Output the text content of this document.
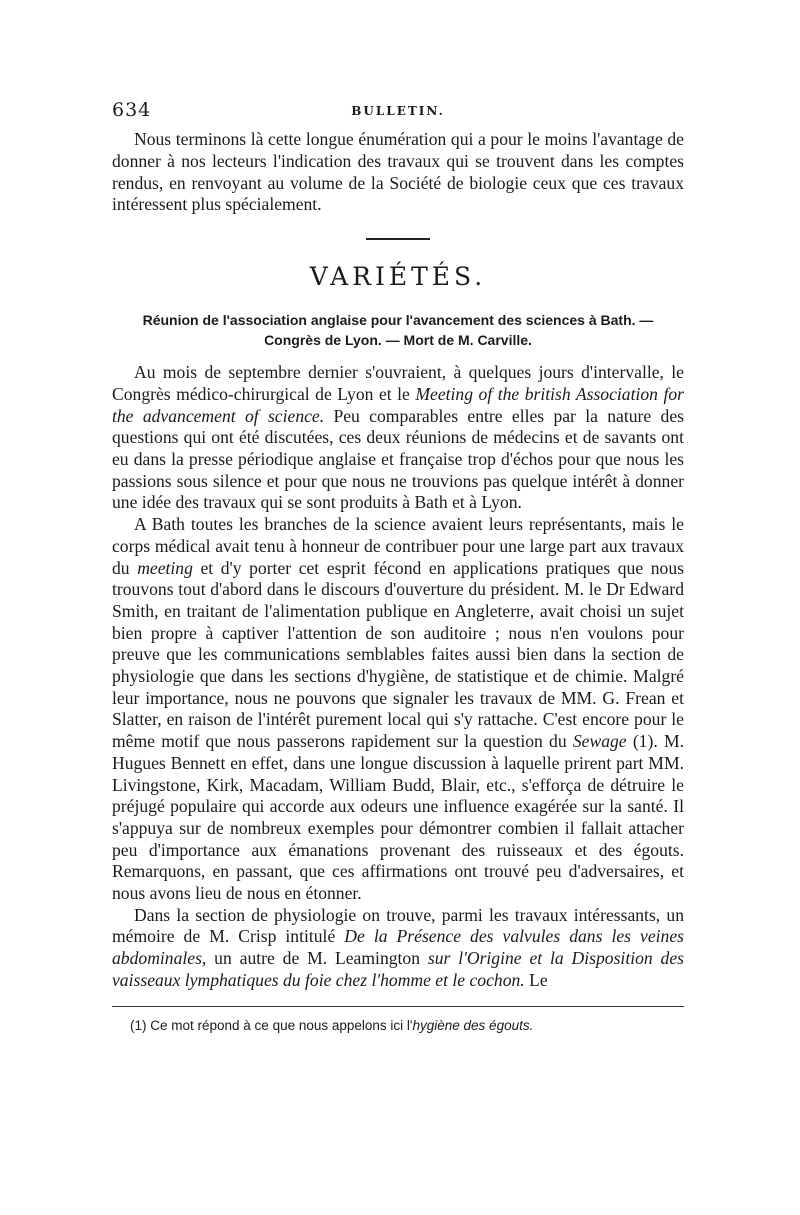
634	BULLETIN.

Nous terminons là cette longue énumération qui a pour le moins l'avantage de donner à nos lecteurs l'indication des travaux qui se trouvent dans les comptes rendus, en renvoyant au volume de la Société de biologie ceux que ces travaux intéressent plus spécialement.

VARIÉTÉS.
Réunion de l'association anglaise pour l'avancement des sciences à Bath. —
Congrès de Lyon. — Mort de M. Carville.

Au mois de septembre dernier s'ouvraient, à quelques jours d'intervalle, le Congrès médico-chirurgical de Lyon et le Meeting of the british Association for the advancement of science. Peu comparables entre elles par la nature des questions qui ont été discutées, ces deux réunions de médecins et de savants ont eu dans la presse périodique anglaise et française trop d'échos pour que nous les passions sous silence et pour que nous ne trouvions pas quelque intérêt à donner une idée des travaux qui se sont produits à Bath et à Lyon.

A Bath toutes les branches de la science avaient leurs représentants, mais le corps médical avait tenu à honneur de contribuer pour une large part aux travaux du meeting et d'y porter cet esprit fécond en applications pratiques que nous trouvons tout d'abord dans le discours d'ouverture du président. M. le Dr Edward Smith, en traitant de l'alimentation publique en Angleterre, avait choisi un sujet bien propre à captiver l'attention de son auditoire ; nous n'en voulons pour preuve que les communications semblables faites aussi bien dans la section de physiologie que dans les sections d'hygiène, de statistique et de chimie. Malgré leur importance, nous ne pouvons que signaler les travaux de MM. G. Frean et Slatter, en raison de l'intérêt purement local qui s'y rattache. C'est encore pour le même motif que nous passerons rapidement sur la question du Sewage (1). M. Hugues Bennett en effet, dans une longue discussion à laquelle prirent part MM. Livingstone, Kirk, Macadam, William Budd, Blair, etc., s'efforça de détruire le préjugé populaire qui accorde aux odeurs une influence exagérée sur la santé. Il s'appuya sur de nombreux exemples pour démontrer combien il fallait attacher peu d'importance aux émanations provenant des ruisseaux et des égouts. Remarquons, en passant, que ces affirmations ont trouvé peu d'adversaires, et nous avons lieu de nous en étonner.

Dans la section de physiologie on trouve, parmi les travaux intéressants, un mémoire de M. Crisp intitulé De la Présence des valvules dans les veines abdominales, un autre de M. Leamington sur l'Origine et la Disposition des vaisseaux lymphatiques du foie chez l'homme et le cochon. Le

(1) Ce mot répond à ce que nous appelons ici l'hygiène des égouts.
